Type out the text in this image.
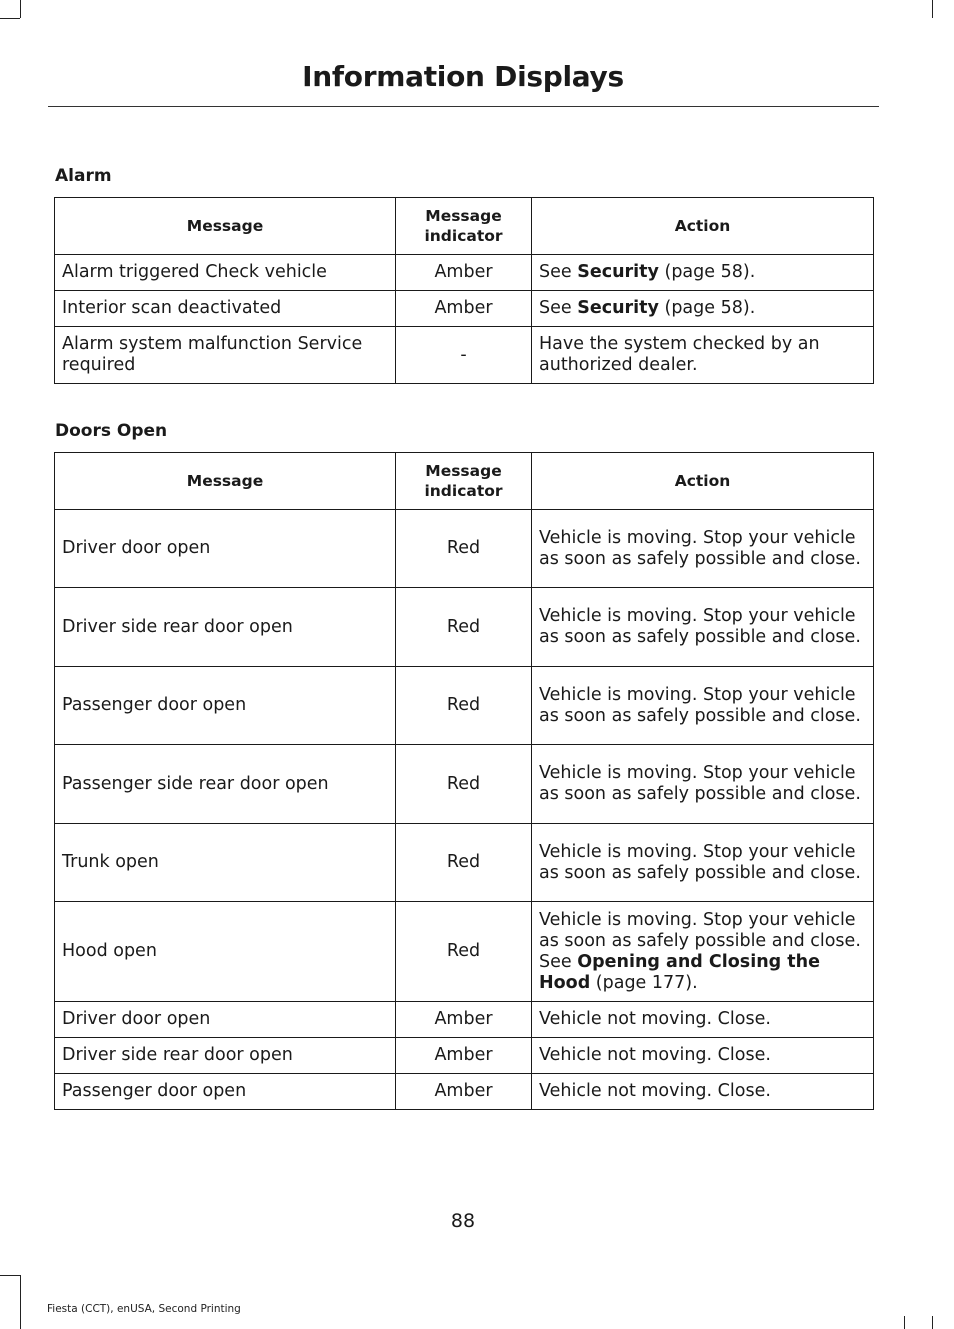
Information Displays
Alarm
Message	Message indicator	Action
Alarm triggered Check vehicle	Amber	See Security (page 58).
Interior scan deactivated	Amber	See Security (page 58).
Alarm system malfunction Service required	-	Have the system checked by an authorized dealer.
Doors Open
Message	Message indicator	Action
Driver door open	Red	Vehicle is moving. Stop your vehicle as soon as safely possible and close.
Driver side rear door open	Red	Vehicle is moving. Stop your vehicle as soon as safely possible and close.
Passenger door open	Red	Vehicle is moving. Stop your vehicle as soon as safely possible and close.
Passenger side rear door open	Red	Vehicle is moving. Stop your vehicle as soon as safely possible and close.
Trunk open	Red	Vehicle is moving. Stop your vehicle as soon as safely possible and close.
Hood open	Red	Vehicle is moving. Stop your vehicle as soon as safely possible and close. See Opening and Closing the Hood (page 177).
Driver door open	Amber	Vehicle not moving. Close.
Driver side rear door open	Amber	Vehicle not moving. Close.
Passenger door open	Amber	Vehicle not moving. Close.
88
Fiesta (CCT), enUSA, Second Printing
